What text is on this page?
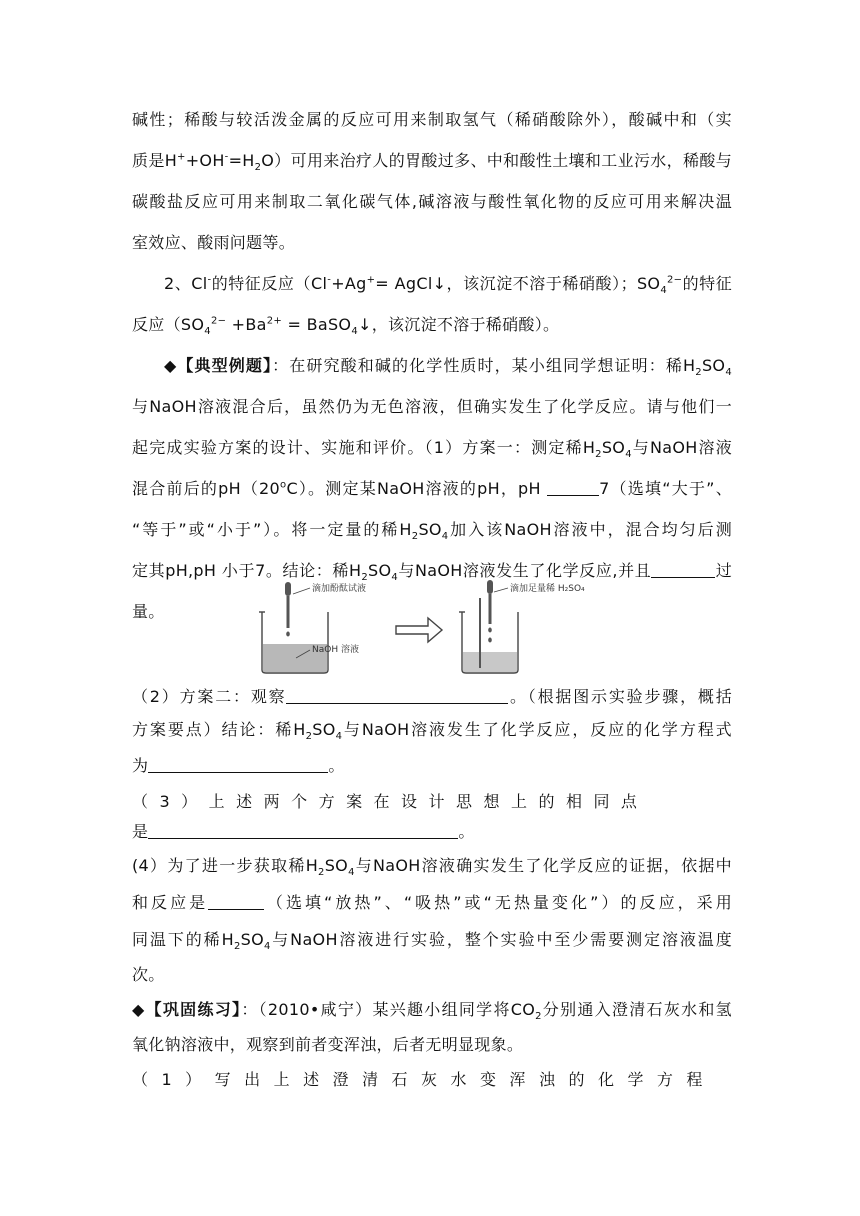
碱性；稀酸与较活泼金属的反应可用来制取氢气（稀硝酸除外），酸碱中和（实
质是$H^++OH^-=H_2O$）可用来治疗人的胃酸过多、中和酸性土壤和工业污水，稀酸与
碳酸盐反应可用来制取二氧化碳气体,碱溶液与酸性氧化物的反应可用来解决温
室效应、酸雨问题等。
2、Cl-的特征反应（Cl-+Ag+= AgCl↓，该沉淀不溶于稀硝酸）；$SO_4^{2-}$的特征
反应（$SO_4^{2-} +Ba^{2+}$ = BaSO$_4$↓，该沉淀不溶于稀硝酸）。
◆【典型例题】：在研究酸和碱的化学性质时，某小组同学想证明：稀$H_2SO_4$
与NaOH溶液混合后，虽然仍为无色溶液，但确实发生了化学反应。请与他们一
起完成实验方案的设计、实施和评价。（1）方案一：测定稀$H_2SO_4$与NaOH溶液
混合前后的pH（20$^o$C）。测定某NaOH溶液的pH，pH	7（选填“大于”、
“等于”或“小于”）。将一定量的稀$H_2SO_4$加入该NaOH溶液中，混合均匀后测
定其pH,pH 小于7。结论：稀$H_2SO_4$与NaOH溶液发生了化学反应,并且	过
量。
滴加酚酞试液
NaOH 溶液
滴加足量稀 H₂SO₄
（2）方案二：观察	。（根据图示实验步骤，概括
方案要点）结论：稀$H_2SO_4$与NaOH溶液发生了化学反应，反应的化学方程式
为	。
（ 3 ） 上 述 两 个 方 案 在 设 计 思 想 上 的 相 同 点
是	。
(4）为了进一步获取稀$H_2SO_4$与NaOH溶液确实发生了化学反应的证据，依据中
和反应是	（选填“放热”、“吸热”或“无热量变化”）的反应，采用
同温下的稀$H_2SO_4$与NaOH溶液进行实验，整个实验中至少需要测定溶液温度
次。
◆【巩固练习】：（2010•咸宁）某兴趣小组同学将$CO_2$分别通入澄清石灰水和氢
氧化钠溶液中，观察到前者变浑浊，后者无明显现象。
（ 1 ） 写 出 上 述 澄 清 石 灰 水 变 浑 浊 的 化 学 方 程
